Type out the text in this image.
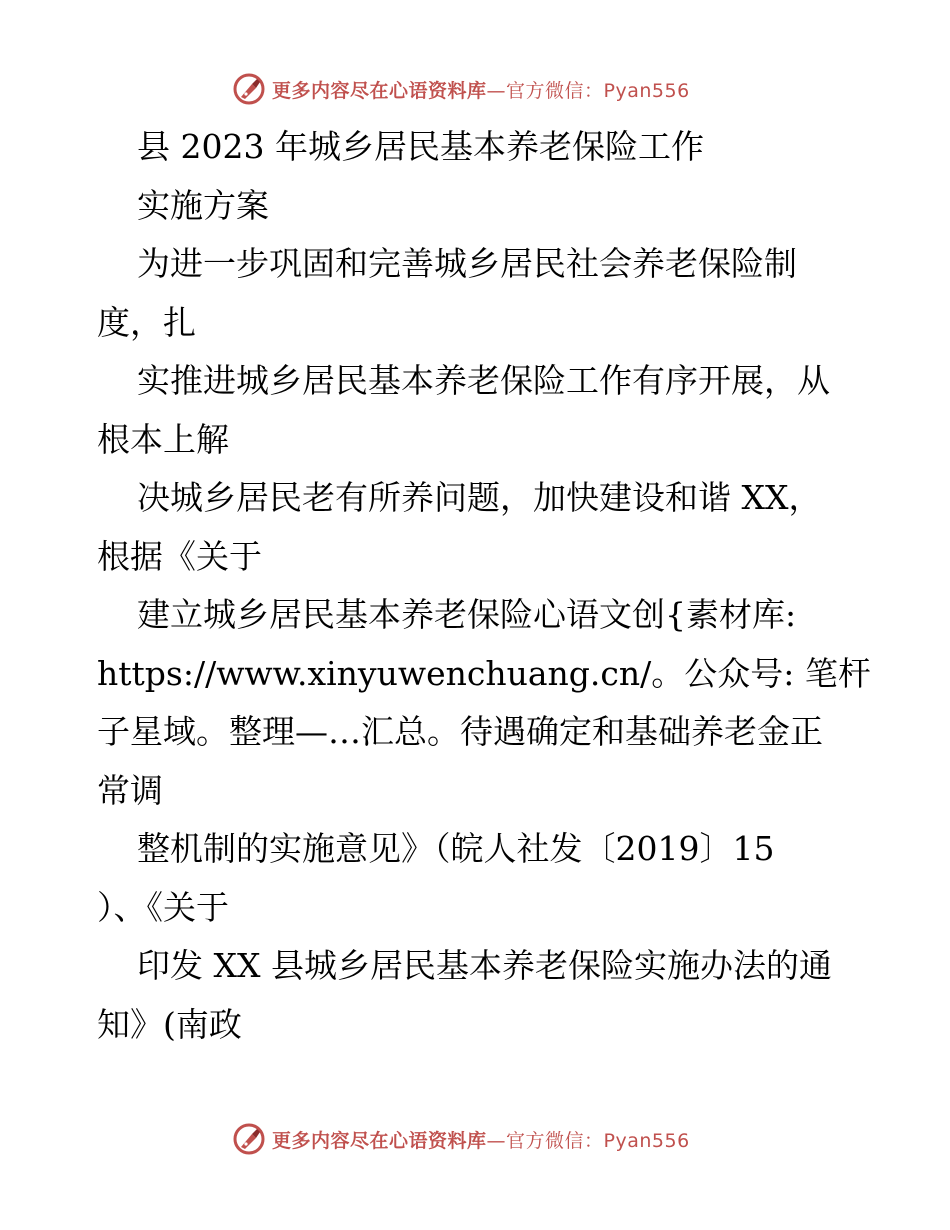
更多内容尽在心语资料库—官方微信：Pyan556
县 2023 年城乡居民基本养老保险工作
实施方案
为进一步巩固和完善城乡居民社会养老保险制
度，扎
实推进城乡居民基本养老保险工作有序开展，从
根本上解
决城乡居民老有所养问题，加快建设和谐 XX，
根据《关于
建立城乡居民基本养老保险心语文创{素材库:
https://www.xinyuwenchuang.cn/。公众号: 笔杆
子星域。整理—…汇总。待遇确定和基础养老金正
常调
整机制的实施意见》（皖人社发〔2019〕15
）、《关于
印发 XX 县城乡居民基本养老保险实施办法的通
知》(南政
更多内容尽在心语资料库—官方微信：Pyan556
